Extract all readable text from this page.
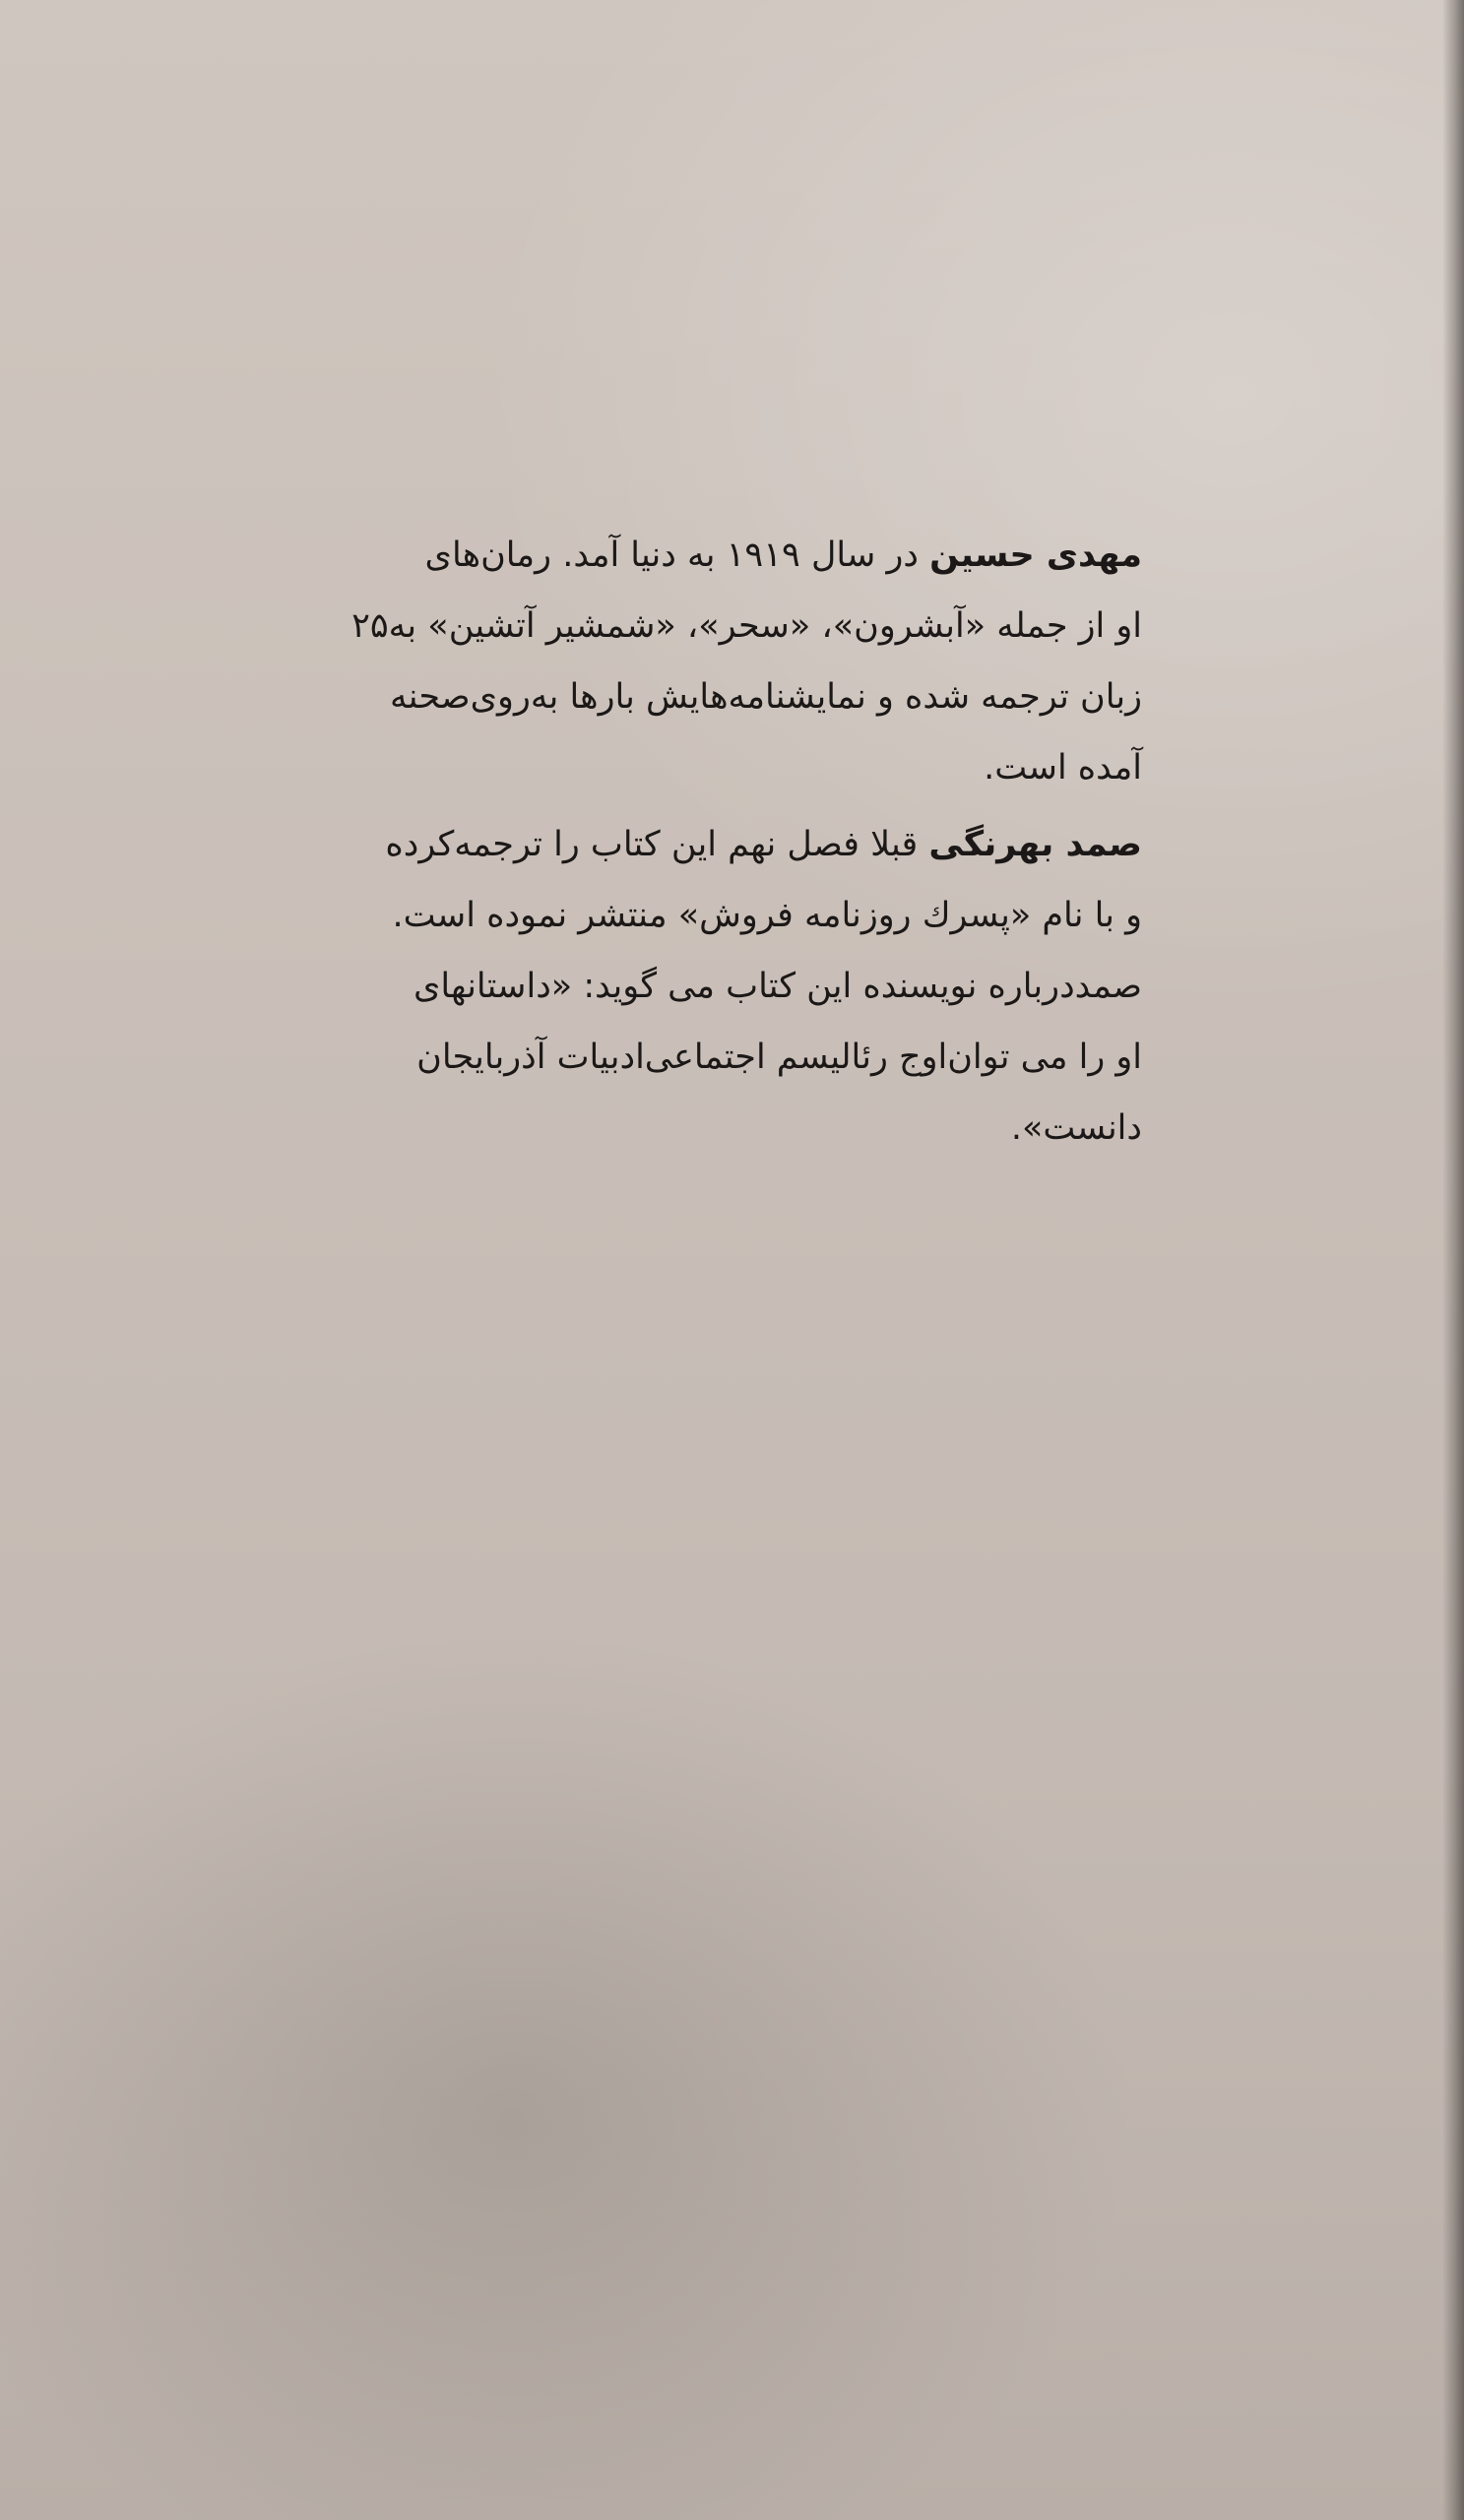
مهدی حسین در سال ۱۹۱۹ به دنیا آمد. رمان‌های
او از جمله «آبشرون»، «سحر»، «شمشیر آتشین» به۲۵
زبان ترجمه شده و نمایشنامه‌هایش بارها به‌روی‌صحنه
آمده است.

صمد بهرنگی قبلا فصل نهم این کتاب را ترجمه‌کرده
و با نام «پسرك روزنامه فروش» منتشر نموده است.
صمددرباره نویسنده این کتاب می گوید: «داستانهای
او را می توان‌اوج رئالیسم اجتماعی‌ادبیات آذربایجان
دانست».
